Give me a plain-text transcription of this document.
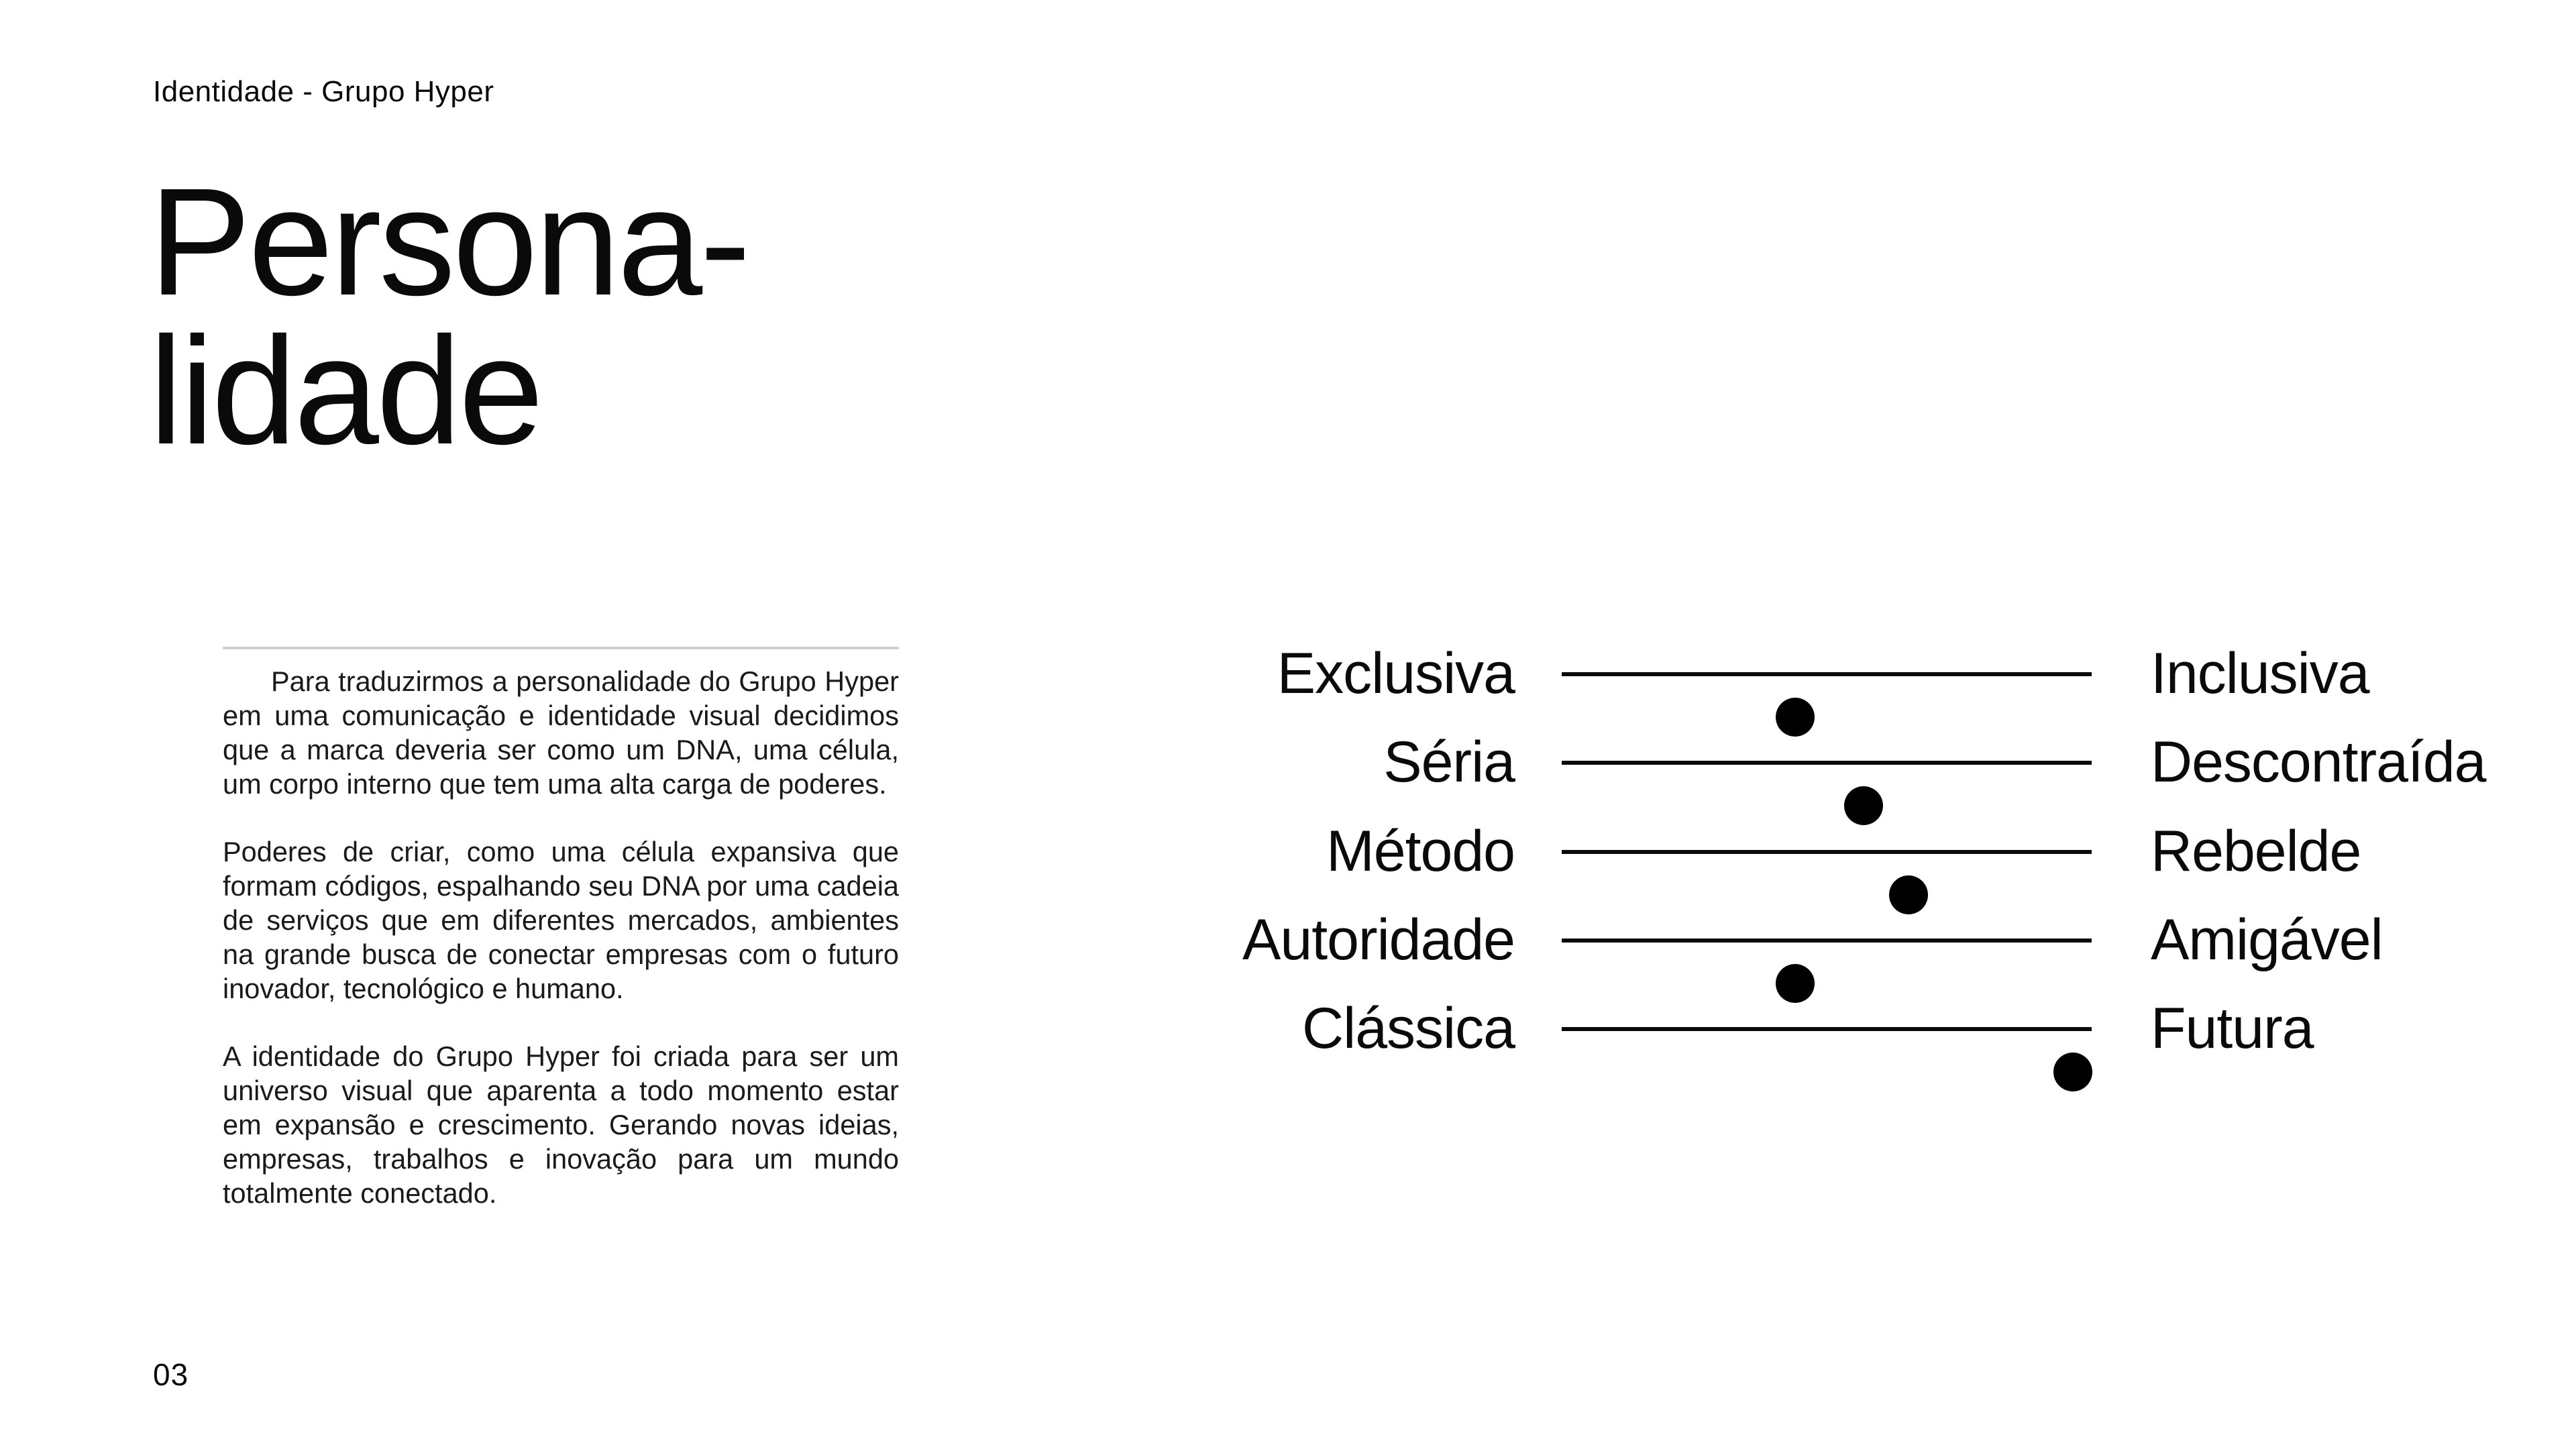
Identidade - Grupo Hyper
Persona-
lidade

Para traduzirmos a personalidade do Grupo Hyper em uma comunicação e identidade visual decidimos que a marca deveria ser como um DNA, uma célula, um corpo interno que tem uma alta carga de poderes.

Poderes de criar, como uma célula expansiva que formam códigos, espalhando seu DNA por uma cadeia de serviços que em diferentes mercados, ambientes na grande busca de conectar empresas com o futuro inovador, tecnológico e humano.

A identidade do Grupo Hyper foi criada para ser um universo visual que aparenta a todo momento estar em expansão e crescimento. Gerando novas ideias, empresas, trabalhos e inovação para um mundo totalmente conectado.

Exclusiva	Inclusiva
Séria	Descontraída
Método	Rebelde
Autoridade	Amigável
Clássica	Futura
03
